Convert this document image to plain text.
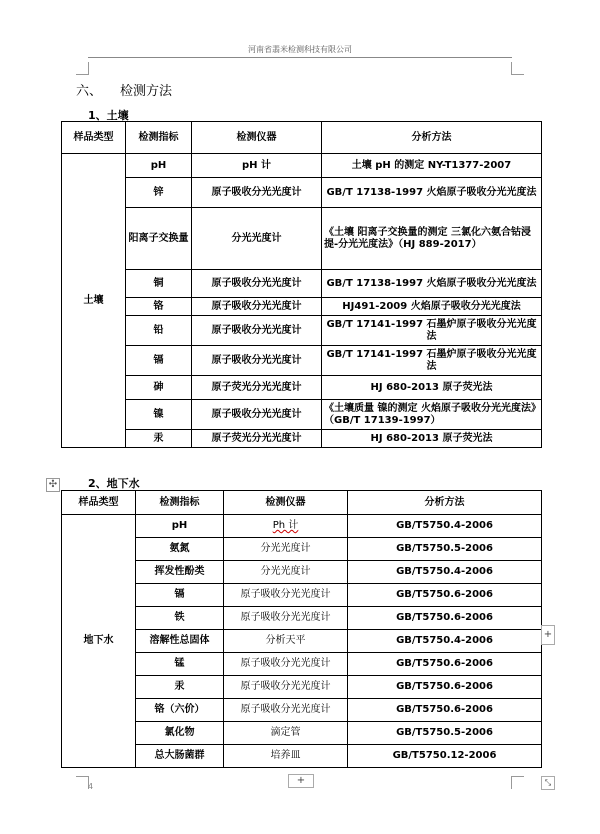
河南省翡米检测科技有限公司
六、 检测方法
1、土壤
样品类型	检测指标	检测仪器	分析方法
土壤	pH	pH 计	土壤 pH 的测定 NY-T1377-2007
	锌	原子吸收分光光度计	GB/T 17138-1997 火焰原子吸收分光光度法
	阳离子交换量	分光光度计	《土壤 阳离子交换量的测定 三氯化六氨合钴浸提-分光光度法》（HJ 889-2017）
	铜	原子吸收分光光度计	GB/T 17138-1997 火焰原子吸收分光光度法
	铬	原子吸收分光光度计	HJ491-2009 火焰原子吸收分光光度法
	铅	原子吸收分光光度计	GB/T 17141-1997 石墨炉原子吸收分光光度法
	镉	原子吸收分光光度计	GB/T 17141-1997 石墨炉原子吸收分光光度法
	砷	原子荧光分光光度计	HJ 680-2013 原子荧光法
	镍	原子吸收分光光度计	《土壤质量 镍的测定 火焰原子吸收分光光度法》（GB/T 17139-1997）
	汞	原子荧光分光光度计	HJ 680-2013 原子荧光法
✣	2、地下水
样品类型	检测指标	检测仪器	分析方法
地下水	pH	Ph 计	GB/T5750.4-2006
	氨氮	分光光度计	GB/T5750.5-2006
	挥发性酚类	分光光度计	GB/T5750.4-2006
	镉	原子吸收分光光度计	GB/T5750.6-2006
	铁	原子吸收分光光度计	GB/T5750.6-2006
	溶解性总固体	分析天平	GB/T5750.4-2006
	锰	原子吸收分光光度计	GB/T5750.6-2006
	汞	原子吸收分光光度计	GB/T5750.6-2006
	铬（六价）	原子吸收分光光度计	GB/T5750.6-2006
	氯化物	滴定管	GB/T5750.5-2006
	总大肠菌群	培养皿	GB/T5750.12-2006
+
+	⤡
4
